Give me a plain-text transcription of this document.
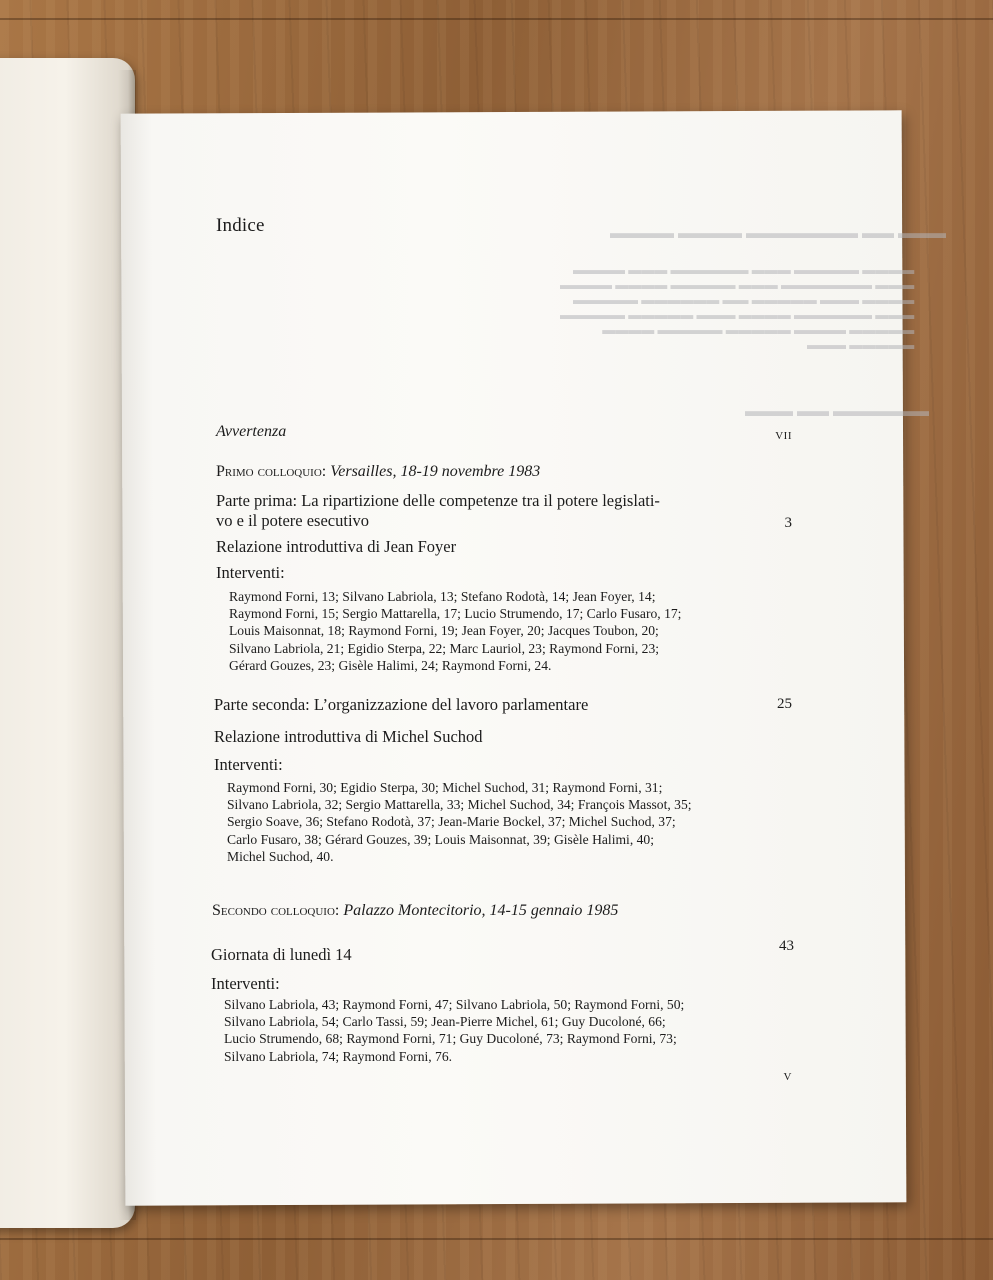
▬▬▬ ▬▬ ▬▬▬▬▬▬▬ ▬▬▬▬ ▬▬▬▬
▬▬▬▬ ▬▬▬▬▬ ▬▬▬ ▬▬▬▬▬▬ ▬▬▬ ▬▬▬▬
▬▬▬ ▬▬▬▬▬▬▬ ▬▬▬ ▬▬▬▬▬ ▬▬▬▬ ▬▬▬▬
▬▬▬▬ ▬▬▬ ▬▬▬▬▬ ▬▬ ▬▬▬▬▬▬ ▬▬▬▬▬
▬▬▬ ▬▬▬▬▬▬ ▬▬▬▬ ▬▬▬ ▬▬▬▬▬ ▬▬▬▬▬
▬▬▬▬▬ ▬▬▬▬ ▬▬▬▬▬ ▬▬▬▬▬ ▬▬▬▬
▬▬▬▬▬ ▬▬▬
▬▬▬▬▬▬ ▬▬ ▬▬▬
Indice
Avvertenza	VII
Primo colloquio: Versailles, 18-19 novembre 1983
Parte prima: La ripartizione delle competenze tra il potere legislati-
vo e il potere esecutivo	3
Relazione introduttiva di Jean Foyer
Interventi:
Raymond Forni, 13; Silvano Labriola, 13; Stefano Rodotà, 14; Jean Foyer, 14;
Raymond Forni, 15; Sergio Mattarella, 17; Lucio Strumendo, 17; Carlo Fusaro, 17;
Louis Maisonnat, 18; Raymond Forni, 19; Jean Foyer, 20; Jacques Toubon, 20;
Silvano Labriola, 21; Egidio Sterpa, 22; Marc Lauriol, 23; Raymond Forni, 23;
Gérard Gouzes, 23; Gisèle Halimi, 24; Raymond Forni, 24.
Parte seconda: L’organizzazione del lavoro parlamentare	25
Relazione introduttiva di Michel Suchod
Interventi:
Raymond Forni, 30; Egidio Sterpa, 30; Michel Suchod, 31; Raymond Forni, 31;
Silvano Labriola, 32; Sergio Mattarella, 33; Michel Suchod, 34; François Massot, 35;
Sergio Soave, 36; Stefano Rodotà, 37; Jean-Marie Bockel, 37; Michel Suchod, 37;
Carlo Fusaro, 38; Gérard Gouzes, 39; Louis Maisonnat, 39; Gisèle Halimi, 40;
Michel Suchod, 40.
Secondo colloquio: Palazzo Montecitorio, 14-15 gennaio 1985
Giornata di lunedì 14	43
Interventi:
Silvano Labriola, 43; Raymond Forni, 47; Silvano Labriola, 50; Raymond Forni, 50;
Silvano Labriola, 54; Carlo Tassi, 59; Jean-Pierre Michel, 61; Guy Ducoloné, 66;
Lucio Strumendo, 68; Raymond Forni, 71; Guy Ducoloné, 73; Raymond Forni, 73;
Silvano Labriola, 74; Raymond Forni, 76.
V
